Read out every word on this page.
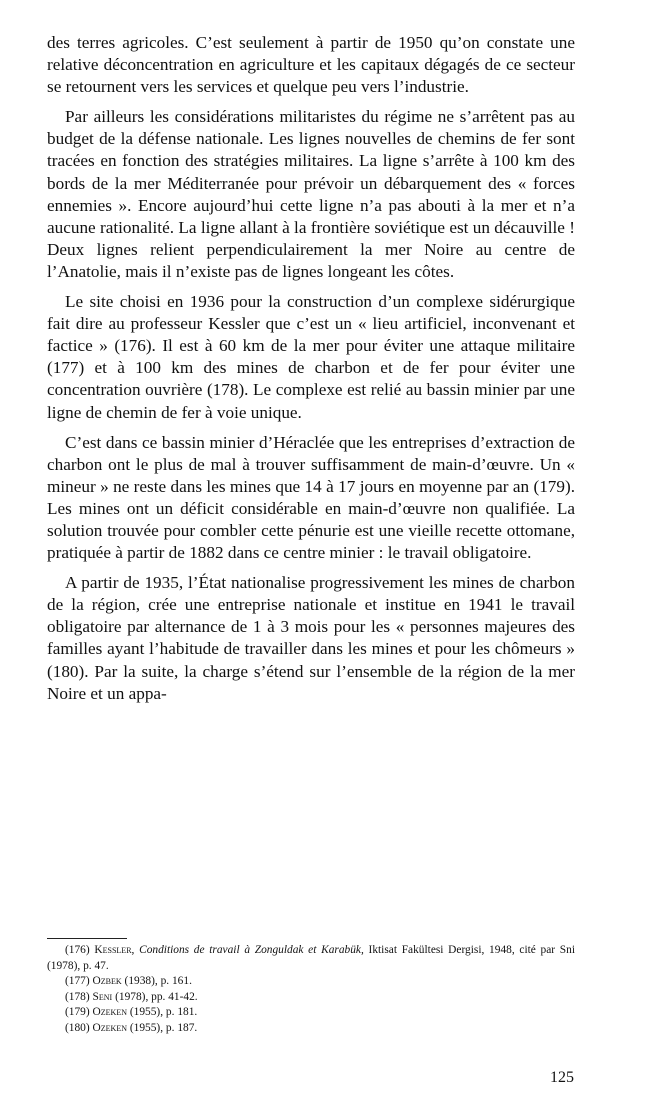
des terres agricoles. C’est seulement à partir de 1950 qu’on constate une relative déconcentration en agriculture et les capitaux dégagés de ce secteur se retournent vers les services et quelque peu vers l’industrie.

Par ailleurs les considérations militaristes du régime ne s’arrêtent pas au budget de la défense nationale. Les lignes nouvelles de chemins de fer sont tracées en fonction des stratégies militaires. La ligne s’arrête à 100 km des bords de la mer Méditerranée pour prévoir un débarquement des « forces ennemies ». Encore aujourd’hui cette ligne n’a pas abouti à la mer et n’a aucune rationalité. La ligne allant à la frontière soviétique est un décauville ! Deux lignes relient perpendiculairement la mer Noire au centre de l’Anatolie, mais il n’existe pas de lignes longeant les côtes.

Le site choisi en 1936 pour la construction d’un complexe sidérurgique fait dire au professeur Kessler que c’est un « lieu artificiel, inconvenant et factice » (176). Il est à 60 km de la mer pour éviter une attaque militaire (177) et à 100 km des mines de charbon et de fer pour éviter une concentration ouvrière (178). Le complexe est relié au bassin minier par une ligne de chemin de fer à voie unique.

C’est dans ce bassin minier d’Héraclée que les entreprises d’extraction de charbon ont le plus de mal à trouver suffisamment de main-d’œuvre. Un « mineur » ne reste dans les mines que 14 à 17 jours en moyenne par an (179). Les mines ont un déficit considérable en main-d’œuvre non qualifiée. La solution trouvée pour combler cette pénurie est une vieille recette ottomane, pratiquée à partir de 1882 dans ce centre minier : le travail obligatoire.

A partir de 1935, l’État nationalise progressivement les mines de charbon de la région, crée une entreprise nationale et institue en 1941 le travail obligatoire par alternance de 1 à 3 mois pour les « personnes majeures des familles ayant l’habitude de travailler dans les mines et pour les chômeurs » (180). Par la suite, la charge s’étend sur l’ensemble de la région de la mer Noire et un appa-

(176) Kessler, Conditions de travail à Zonguldak et Karabük, Iktisat Fakültesi Dergisi, 1948, cité par Sni (1978), p. 47.

(177) Ozbek (1938), p. 161.

(178) Seni (1978), pp. 41-42.

(179) Ozeken (1955), p. 181.

(180) Ozeken (1955), p. 187.

125
